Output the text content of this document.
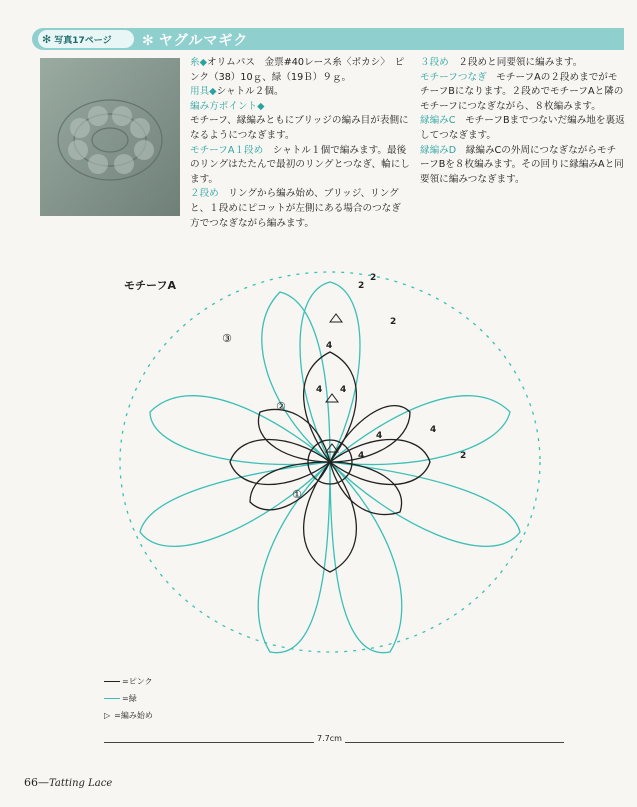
✻ 写真17ページ ✻ ヤグルマギク
糸◆オリムパス　金票#40レース糸〈ボカシ〉　ピンク（38）10ｇ、緑（19Ｂ）９ｇ。
用具◆シャトル２個。
編み方ポイント◆
モチーフ、縁編みともにブリッジの編み目が表側になるようにつなぎます。
モチーフA１段め　 シャトル１個で編みます。最後のリングはたたんで最初のリングとつなぎ、輪にします。
２段め　 リングから編み始め、ブリッジ、リングと、１段めにピコットが左側にある場合のつなぎ方でつなぎながら編みます。
３段め　 ２段めと同要領に編みます。
モチーフつなぎ　 モチーフAの２段めまでがモチーフBになります。２段めでモチーフAと隣のモチーフにつなぎながら、８枚編みます。
縁編みC　 モチーフBまでつないだ編み地を裏返してつなぎます。
縁編みD　 縁編みCの外周につなぎながらモチーフBを８枚編みます。その回りに縁編みAと同要領に編みつなぎます。
モチーフA
①
②
③
4
4 4
4
4
4
2
2
2
2
=ピンク
=緑
▷ =編み始め
7.7cm
66—Tatting Lace
